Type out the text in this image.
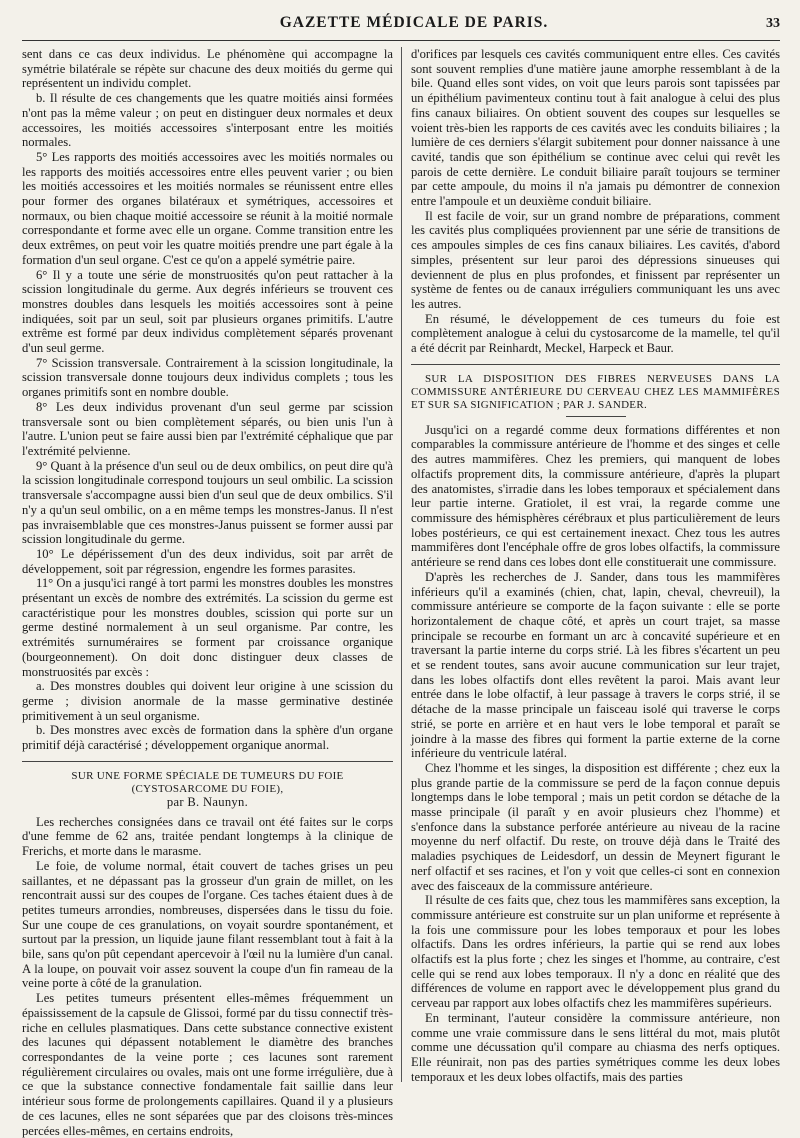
GAZETTE MÉDICALE DE PARIS.	33

sent dans ce cas deux individus. Le phénomène qui accompagne la symétrie bilatérale se répète sur chacune des deux moitiés du germe qui représentent un individu complet.

b. Il résulte de ces changements que les quatre moitiés ainsi formées n'ont pas la même valeur ; on peut en distinguer deux normales et deux accessoires, les moitiés accessoires s'interposant entre les moitiés normales.

5° Les rapports des moitiés accessoires avec les moitiés normales ou les rapports des moitiés accessoires entre elles peuvent varier ; ou bien les moitiés accessoires et les moitiés normales se réunissent entre elles pour former des organes bilatéraux et symétriques, accessoires et normaux, ou bien chaque moitié accessoire se réunit à la moitié normale correspondante et forme avec elle un organe. Comme transition entre les deux extrêmes, on peut voir les quatre moitiés prendre une part égale à la formation d'un seul organe. C'est ce qu'on a appelé symétrie paire.

6° Il y a toute une série de monstruosités qu'on peut rattacher à la scission longitudinale du germe. Aux degrés inférieurs se trouvent ces monstres doubles dans lesquels les moitiés accessoires sont à peine indiquées, soit par un seul, soit par plusieurs organes primitifs. L'autre extrême est formé par deux individus complètement séparés provenant d'un seul germe.

7° Scission transversale. Contrairement à la scission longitudinale, la scission transversale donne toujours deux individus complets ; tous les organes primitifs sont en nombre double.

8° Les deux individus provenant d'un seul germe par scission transversale sont ou bien complètement séparés, ou bien unis l'un à l'autre. L'union peut se faire aussi bien par l'extrémité céphalique que par l'extrémité pelvienne.

9° Quant à la présence d'un seul ou de deux ombilics, on peut dire qu'à la scission longitudinale correspond toujours un seul ombilic. La scission transversale s'accompagne aussi bien d'un seul que de deux ombilics. S'il n'y a qu'un seul ombilic, on a en même temps les monstres-Janus. Il n'est pas invraisemblable que ces monstres-Janus puissent se former aussi par scission longitudinale du germe.

10° Le dépérissement d'un des deux individus, soit par arrêt de développement, soit par régression, engendre les formes parasites.

11° On a jusqu'ici rangé à tort parmi les monstres doubles les monstres présentant un excès de nombre des extrémités. La scission du germe est caractéristique pour les monstres doubles, scission qui porte sur un germe destiné normalement à un seul organisme. Par contre, les extrémités surnuméraires se forment par croissance organique (bourgeonnement). On doit donc distinguer deux classes de monstruosités par excès :

a. Des monstres doubles qui doivent leur origine à une scission du germe ; division anormale de la masse germinative destinée primitivement à un seul organisme.

b. Des monstres avec excès de formation dans la sphère d'un organe primitif déjà caractérisé ; développement organique anormal.

SUR UNE FORME SPÉCIALE DE TUMEURS DU FOIE (CYSTOSARCOME DU FOIE),
par B. Naunyn.

Les recherches consignées dans ce travail ont été faites sur le corps d'une femme de 62 ans, traitée pendant longtemps à la clinique de Frerichs, et morte dans le marasme.

Le foie, de volume normal, était couvert de taches grises un peu saillantes, et ne dépassant pas la grosseur d'un grain de millet, on les rencontrait aussi sur des coupes de l'organe. Ces taches étaient dues à de petites tumeurs arrondies, nombreuses, dispersées dans le tissu du foie. Sur une coupe de ces granulations, on voyait sourdre spontanément, et surtout par la pression, un liquide jaune filant ressemblant tout à fait à la bile, sans qu'on pût cependant apercevoir à l'œil nu la lumière d'un canal. A la loupe, on pouvait voir assez souvent la coupe d'un fin rameau de la veine porte à côté de la granulation.

Les petites tumeurs présentent elles-mêmes fréquemment un épaississement de la capsule de Glissoi, formé par du tissu connectif très-riche en cellules plasmatiques. Dans cette substance connective existent des lacunes qui dépassent notablement le diamètre des branches correspondantes de la veine porte ; ces lacunes sont rarement régulièrement circulaires ou ovales, mais ont une forme irrégulière, due à ce que la substance connective fondamentale fait saillie dans leur intérieur sous forme de prolongements capillaires. Quand il y a plusieurs de ces lacunes, elles ne sont séparées que par des cloisons très-minces percées elles-mêmes, en certains endroits,

d'orifices par lesquels ces cavités communiquent entre elles. Ces cavités sont souvent remplies d'une matière jaune amorphe ressemblant à de la bile. Quand elles sont vides, on voit que leurs parois sont tapissées par un épithélium pavimenteux continu tout à fait analogue à celui des plus fins canaux biliaires. On obtient souvent des coupes sur lesquelles se voient très-bien les rapports de ces cavités avec les conduits biliaires ; la lumière de ces derniers s'élargit subitement pour donner naissance à une cavité, tandis que son épithélium se continue avec celui qui revêt les parois de cette dernière. Le conduit biliaire paraît toujours se terminer par cette ampoule, du moins il n'a jamais pu démontrer de connexion entre l'ampoule et un deuxième conduit biliaire.

Il est facile de voir, sur un grand nombre de préparations, comment les cavités plus compliquées proviennent par une série de transitions de ces ampoules simples de ces fins canaux biliaires. Les cavités, d'abord simples, présentent sur leur paroi des dépressions sinueuses qui deviennent de plus en plus profondes, et finissent par représenter un système de fentes ou de canaux irréguliers communiquant les uns avec les autres.

En résumé, le développement de ces tumeurs du foie est complètement analogue à celui du cystosarcome de la mamelle, tel qu'il a été décrit par Reinhardt, Meckel, Harpeck et Baur.

SUR LA DISPOSITION DES FIBRES NERVEUSES DANS LA COMMISSURE ANTÉRIEURE DU CERVEAU CHEZ LES MAMMIFÈRES ET SUR SA SIGNIFICATION ; PAR J. SANDER.

Jusqu'ici on a regardé comme deux formations différentes et non comparables la commissure antérieure de l'homme et des singes et celle des autres mammifères. Chez les premiers, qui manquent de lobes olfactifs proprement dits, la commissure antérieure, d'après la plupart des anatomistes, s'irradie dans les lobes temporaux et spécialement dans leur partie interne. Gratiolet, il est vrai, la regarde comme une commissure des hémisphères cérébraux et plus particulièrement de leurs lobes postérieurs, ce qui est certainement inexact. Chez tous les autres mammifères dont l'encéphale offre de gros lobes olfactifs, la commissure antérieure se rend dans ces lobes dont elle constituerait une commissure.

D'après les recherches de J. Sander, dans tous les mammifères inférieurs qu'il a examinés (chien, chat, lapin, cheval, chevreuil), la commissure antérieure se comporte de la façon suivante : elle se porte horizontalement de chaque côté, et après un court trajet, sa masse principale se recourbe en formant un arc à concavité supérieure et en traversant la partie interne du corps strié. Là les fibres s'écartent un peu et se rendent toutes, sans avoir aucune communication sur leur trajet, dans les lobes olfactifs dont elles revêtent la paroi. Mais avant leur entrée dans le lobe olfactif, à leur passage à travers le corps strié, il se détache de la masse principale un faisceau isolé qui traverse le corps strié, se porte en arrière et en haut vers le lobe temporal et paraît se joindre à la masse des fibres qui forment la partie externe de la corne inférieure du ventricule latéral.

Chez l'homme et les singes, la disposition est différente ; chez eux la plus grande partie de la commissure se perd de la façon connue depuis longtemps dans le lobe temporal ; mais un petit cordon se détache de la masse principale (il paraît y en avoir plusieurs chez l'homme) et s'enfonce dans la substance perforée antérieure au niveau de la racine moyenne du nerf olfactif. Du reste, on trouve déjà dans le Traité des maladies psychiques de Leidesdorf, un dessin de Meynert figurant le nerf olfactif et ses racines, et l'on y voit que celles-ci sont en connexion avec des faisceaux de la commissure antérieure.

Il résulte de ces faits que, chez tous les mammifères sans exception, la commissure antérieure est construite sur un plan uniforme et représente à la fois une commissure pour les lobes temporaux et pour les lobes olfactifs. Dans les ordres inférieurs, la partie qui se rend aux lobes olfactifs est la plus forte ; chez les singes et l'homme, au contraire, c'est celle qui se rend aux lobes temporaux. Il n'y a donc en réalité que des différences de volume en rapport avec le développement plus grand du cerveau par rapport aux lobes olfactifs chez les mammifères supérieurs.

En terminant, l'auteur considère la commissure antérieure, non comme une vraie commissure dans le sens littéral du mot, mais plutôt comme une décussation qu'il compare au chiasma des nerfs optiques. Elle réunirait, non pas des parties symétriques comme les deux lobes temporaux et les deux lobes olfactifs, mais des parties
